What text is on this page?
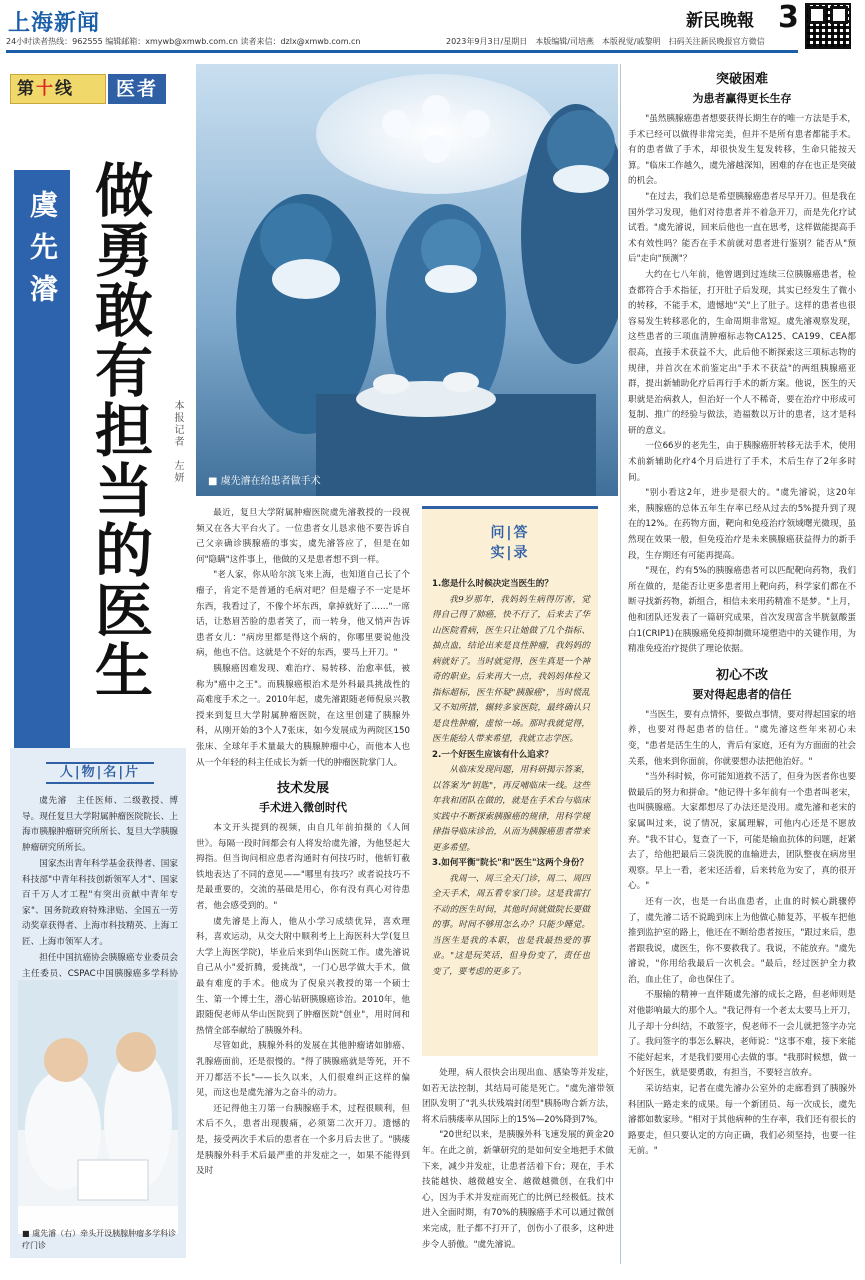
上海新闻
24小时读者热线：962555 编辑邮箱：xmywb@xmwb.com.cn 读者来信：dzlx@xmwb.com.cn	2023年9月3日/星期日　本版编辑/司培燕　本版视觉/戚黎明　扫码关注新民晚报官方微信
新民晚報 3
第十线	医者
虞先濬 做勇敢有担当的医生	本报记者　左妍	■ 虞先濬在给患者做手术
人|物|名|片

虞先濬　主任医师、二级教授、博导。现任复旦大学附属肿瘤医院院长、上海市胰腺肿瘤研究所所长、复旦大学胰腺肿瘤研究所所长。

国家杰出青年科学基金获得者、国家科技部"中青年科技创新领军人才"、国家百千万人才工程"有突出贡献中青年专家"、国务院政府特殊津贴、全国五一劳动奖章获得者、上海市科技精英、上海工匠、上海市领军人才。

担任中国抗癌协会胰腺癌专业委员会主任委员、CSPAC中国胰腺癌多学科协

■ 虞先濬（右）牵头开设胰腺肿瘤多学科诊疗门诊

最近，复旦大学附属肿瘤医院虞先濬教授的一段视频又在各大平台火了。一位患者女儿恳求他不要告诉自己父亲确诊胰腺癌的事实，虞先濬答应了，但是在如何"隐瞒"这件事上，他做的又是患者想不到一样。

"老人家，你从哈尔滨飞来上海，也知道自己长了个瘤子，肯定不是普通的毛病对吧？但是瘤子不一定是坏东西，我看过了，不像个坏东西，拿掉就好了……"一席话，让愁眉苦脸的患者笑了，而一转身，他又悄声告诉患者女儿："病房里都是得这个病的，你哪里要说他没病，他也不信。这就是个不好的东西，要马上开刀。"

胰腺癌因难发现、难治疗、易转移、治愈率低，被称为"癌中之王"。而胰腺癌根治术是外科最具挑战性的高难度手术之一。2010年起，虞先濬跟随老师倪泉兴教授来到复旦大学附属肿瘤医院，在这里创建了胰腺外科，从刚开始的3个人7张床，如今发展成为两院区150张床、全球年手术量最大的胰腺肿瘤中心，而他本人也从一个年轻的科主任成长为新一代的肿瘤医院掌门人。

技术发展
手术进入微创时代

本文开头提到的视频，由自几年前拍摄的《人间世》。每隔一段时间都会有人将发给虞先濬，为他竖起大拇指。但当询问相应患者沟通时有何技巧时，他斩钉截铁地表达了不同的意见——"哪里有技巧？或者说技巧不是最重要的，交流的基础是用心，你有没有真心对待患者，他会感受到的。"

虞先濬是上海人，他从小学习成绩优异，喜欢理科，喜欢运动，从交大附中顺利考上上海医科大学(复旦大学上海医学院)，毕业后来到华山医院工作。虞先濬说自己从小"爱折腾，爱挑战"，一门心思学做大手术，做最有难度的手术。他成为了倪泉兴教授的第一个硕士生、第一个博士生，潜心钻研胰腺癌诊治。2010年，他跟随倪老师从华山医院到了肿瘤医院"创业"，用时间和热情全部奉献给了胰腺外科。

尽管如此，胰腺外科的发展在其他肿瘤诸如肺癌、乳腺癌面前，还是很慢的。"得了胰腺癌就是等死，开不开刀都活不长"——长久以来，人们很难纠正这样的偏见，而这也是虞先濬为之奋斗的动力。

还记得他主刀第一台胰腺癌手术，过程很顺利，但术后不久，患者出现腹痛，必须第二次开刀。遗憾的是，接受两次手术后的患者在一个多月后去世了。"胰瘘是胰腺外科手术后最严重的并发症之一，如果不能得到及时

问|答 实|录
1.您是什么时候决定当医生的？
我9岁那年，我妈妈生病得厉害，觉得自己得了肺癌，快不行了，后来去了华山医院看病，医生只让她做了几个指标、抽点血，结论出来是良性肿瘤，我妈妈的病就好了。当时就觉得，医生真是一个神奇的职业。后来再大一点，我妈妈体检又指标超标，医生怀疑"胰腺癌"，当时慌乱又不知所措，辗转多家医院，最终确认只是良性肿瘤，虚惊一场。那时我就觉得，医生能给人带来希望，我就立志学医。
2.一个好医生应该有什么追求？
从临床发现问题，用科研揭示答案，以答案为"钥匙"，再反哺临床一线。这些年我和团队在做的，就是在手术台与临床实践中不断探索胰腺癌的规律，用科学规律指导临床诊治，从而为胰腺癌患者带来更多希望。
3.如何平衡"院长"和"医生"这两个身份？
我周一、周三全天门诊，周二、周四全天手术，周五看专家门诊。这是我雷打不动的医生时间，其他时间就做院长要做的事。时间不够用怎么办？只能少睡觉。当医生是我的本职，也是我最热爱的事业。"这是玩笑话，但身份变了，责任也变了，要考虑的更多了。

处理，病人很快会出现出血、感染等并发症，如若无法控制，其结局可能是死亡。"虞先濬带领团队发明了"乳头状残端封闭型"胰肠吻合新方法，将术后胰瘘率从国际上的15%—20%降到7%。

"20世纪以来，是胰腺外科飞速发展的黄金20年。在此之前，新肇研究的是如何安全地把手术做下来，减少并发症，让患者活着下台；现在，手术技能越快、越微越安全、越微越微创，在我们中心，因为手术并发症而死亡的比例已经极低。技术进入全面时期，有70%的胰腺癌手术可以通过微创来完成，肚子都不打开了，创伤小了很多，这种进步令人骄傲。"虞先濬说。

突破困难
为患者赢得更长生存

"虽然胰腺癌患者想要获得长期生存的唯一方法是手术，手术已经可以做得非常完美，但并不是所有患者都能手术。有的患者做了手术，却很快发生复发转移，生命只能按天算。"临床工作越久，虞先濬越深知，困难的存在也正是突破的机会。

"在过去，我们总是希望胰腺癌患者尽早开刀。但是我在国外学习发现，他们对待患者并不着急开刀，而是先化疗试试看。"虞先濬说，回来后他也一直在思考，这样做能提高手术有效性吗？能否在手术前就对患者进行鉴别？能否从"预后"走向"预测"？

大约在七八年前，他曾遇到过连续三位胰腺癌患者，检查都符合手术指征，打开肚子后发现，其实已经发生了微小的转移，不能手术，遗憾地"关"上了肚子。这样的患者也很容易发生转移恶化的，生命周期非常短。虞先濬观察发现，这些患者的三项血清肿瘤标志物CA125、CA199、CEA都很高，直接手术获益不大，此后他不断探索这三项标志物的规律，并首次在术前鉴定出"手术不获益"的两组胰腺癌亚群，提出新辅助化疗后再行手术的新方案。他说，医生的天职就是治病救人，但治好一个人不稀奇，要在治疗中形成可复制、推广的经验与做法，造福数以万计的患者，这才是科研的意义。

一位66岁的老先生，由于胰腺癌肝转移无法手术，使用术前新辅助化疗4个月后进行了手术，术后生存了2年多时间。

"别小看这2年，进步是很大的。"虞先濬说，这20年来，胰腺癌的总体五年生存率已经从过去的5%提升到了现在的12%。在药物方面，靶向和免疫治疗领域曙光微现，虽然现在效果一般，但免疫治疗是未来胰腺癌获益得力的新手段，生存期还有可能再提高。

"现在，约有5%的胰腺癌患者可以匹配靶向药物，我们所在做的，是能否让更多患者用上靶向药，科学家们都在不断寻找新药物，新组合，相信未来用药精准不是梦。"上月，他和团队还发表了一篇研究成果，首次发现富含半胱氨酸蛋白1(CRIP1)在胰腺癌免疫抑制微环境塑造中的关键作用，为精准免疫治疗提供了理论依据。

初心不改
要对得起患者的信任

"当医生，要有点情怀，要做点事情，要对得起国家的培养，也要对得起患者的信任。"虞先濬这些年来初心未变，"患者是活生生的人，背后有家庭，还有为方面面的社会关系，他来到你面前，你就要想办法把他治好。"

"当外科时候，你可能知道救不活了，但身为医者你也要做最后的努力和拼命。"他记得十多年前有一个患者叫老宋，也叫胰腺癌。大家都想尽了办法还是没用。虞先濬和老宋的家属叫过来，说了情况，家属理解，可他内心还是不愿放弃。"我不甘心，复查了一下，可能是输血抗体的问题，赶紧去了，给他把最后三袋洗脱的血输进去，团队整夜在病房里观察。早上一看，老宋还活着，后来转危为安了，真的很开心。"

还有一次，也是一台出血患者，止血的时候心跳骤停了，虞先濬二话不说跪到床上为他做心肺复苏，平板车把他推到监护室的路上，他还在不断给患者按压，"跟过来后，患者跟我说，虞医生，你不要救我了。我说，不能放弃。"虞先濬说，"你用给我最后一次机会。"最后，经过医护全力救治，血止住了，命也保住了。

不服输的精神一直伴随虞先濬的成长之路，但老师则是对他影响最大的那个人。"我记得有一个老太太要马上开刀，儿子却十分纠结，不敢签字，倪老师不一会儿就把签字办完了。我问签字的事怎么解决，老师说："这事不难，接下来能不能好起来，才是我们要用心去做的事。"我那时候想，做一个好医生，就是要勇敢，有担当，不要轻言放弃。

采访结束，记者在虞先濬办公室外的走廊看到了胰腺外科团队一路走来的成果。每一个新团员、每一次成长，虞先濬都如数家珍。"相对于其他病种的生存率，我们还有很长的路要走，但只要认定的方向正确，我们必须坚持，也要一往无前。"
